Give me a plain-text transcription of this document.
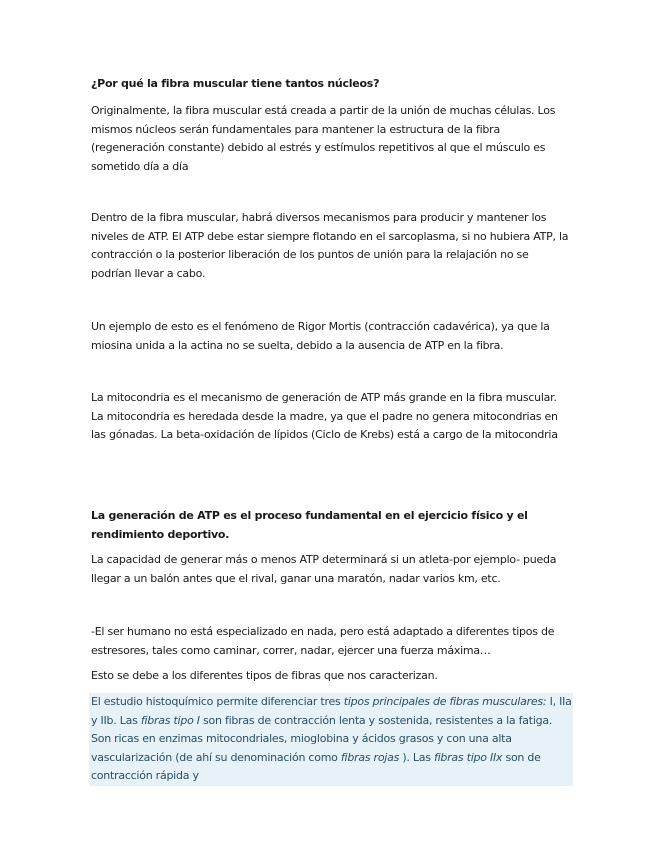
¿Por qué la fibra muscular tiene tantos núcleos?
Originalmente, la fibra muscular está creada a partir de la unión de muchas células. Los mismos núcleos serán fundamentales para mantener la estructura de la fibra (regeneración constante) debido al estrés y estímulos repetitivos al que el músculo es sometido día a día
Dentro de la fibra muscular, habrá diversos mecanismos para producir y mantener los niveles de ATP. El ATP debe estar siempre flotando en el sarcoplasma, si no hubiera ATP, la contracción o la posterior liberación de los puntos de unión para la relajación no se podrían llevar a cabo.
Un ejemplo de esto es el fenómeno de Rigor Mortis (contracción cadavérica), ya que la miosina unida a la actina no se suelta, debido a la ausencia de ATP en la fibra.
La mitocondria es el mecanismo de generación de ATP más grande en la fibra muscular. La mitocondria es heredada desde la madre, ya que el padre no genera mitocondrias en las gónadas. La beta-oxidación de lípidos (Ciclo de Krebs) está a cargo de la mitocondria
La generación de ATP es el proceso fundamental en el ejercicio físico y el rendimiento deportivo.
La capacidad de generar más o menos ATP determinará si un atleta-por ejemplo- pueda llegar a un balón antes que el rival, ganar una maratón, nadar varios km, etc.
-El ser humano no está especializado en nada, pero está adaptado a diferentes tipos de estresores, tales como caminar, correr, nadar, ejercer una fuerza máxima…
Esto se debe a los diferentes tipos de fibras que nos caracterizan.
El estudio histoquímico permite diferenciar tres tipos principales de fibras musculares: I, IIa y IIb. Las fibras tipo I son fibras de contracción lenta y sostenida, resistentes a la fatiga. Son ricas en enzimas mitocondriales, mioglobina y ácidos grasos y con una alta vascularización (de ahí su denominación como fibras rojas ). Las fibras tipo IIx son de contracción rápida y
